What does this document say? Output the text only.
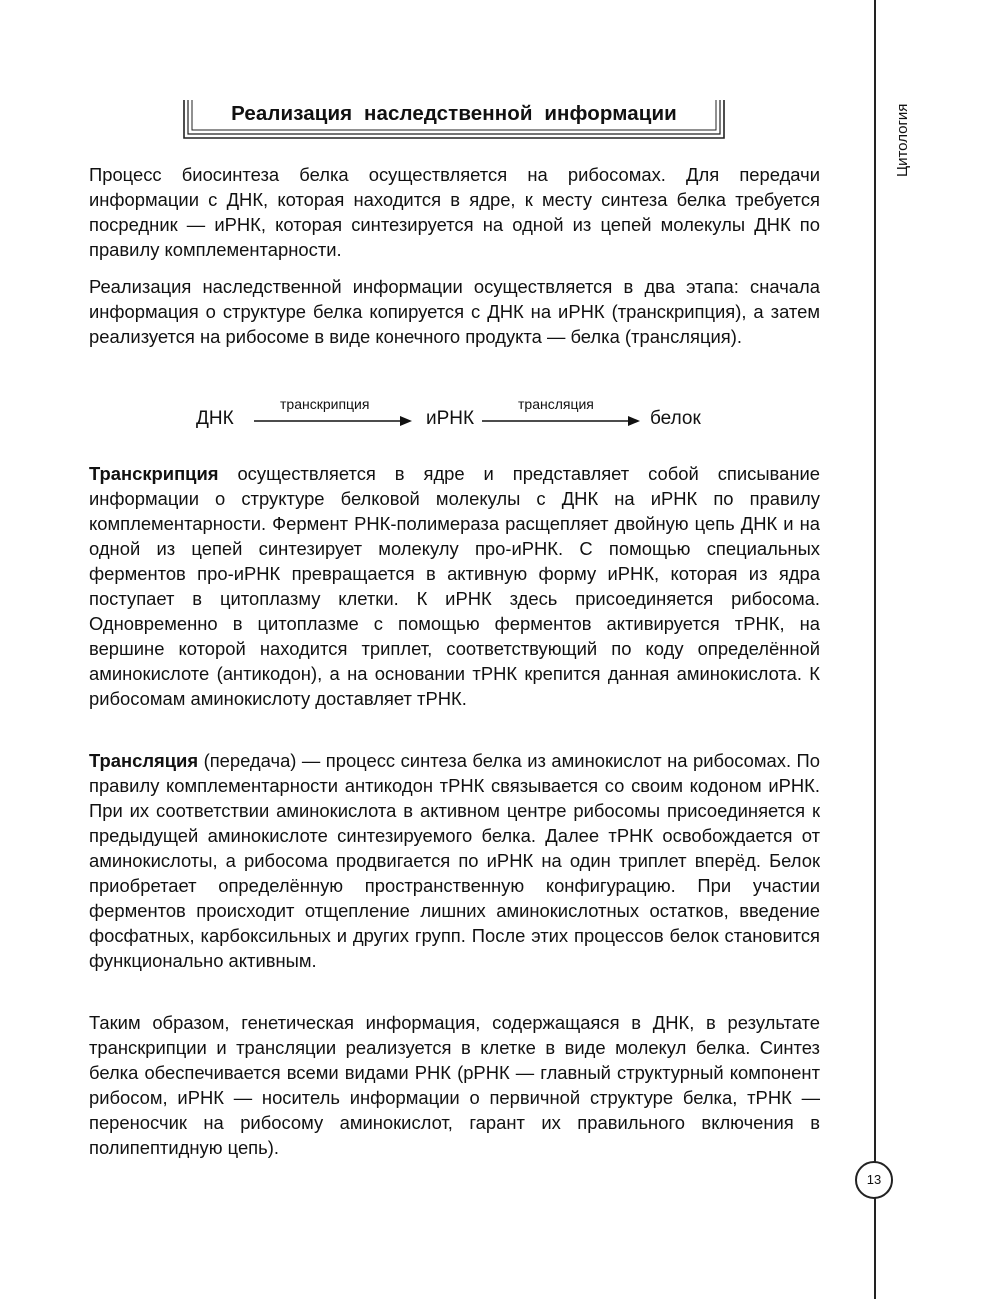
Цитология
13
Реализация наследственной информации

Процесс биосинтеза белка осуществляется на рибосомах. Для передачи информации с ДНК, которая находится в ядре, к месту синтеза белка требуется посредник — иРНК, которая синтезируется на одной из цепей молекулы ДНК по правилу комплементарности.

Реализация наследственной информации осуществляется в два этапа: сначала информация о структуре белка копируется с ДНК на иРНК (транскрипция), а затем реализуется на рибосоме в виде конечного продукта — белка (трансляция).

ДНК
транскрипция
иРНК
трансляция
белок

Транскрипция осуществляется в ядре и представляет собой списывание информации о структуре белковой молекулы с ДНК на иРНК по правилу комплементарности. Фермент РНК-полимераза расщепляет двойную цепь ДНК и на одной из цепей синтезирует молекулу про-иРНК. С помощью специальных ферментов про-иРНК превращается в активную форму иРНК, которая из ядра поступает в цитоплазму клетки. К иРНК здесь присоединяется рибосома. Одновременно в цитоплазме с помощью ферментов активируется тРНК, на вершине которой находится триплет, соответствующий по коду определённой аминокислоте (антикодон), а на основании тРНК крепится данная аминокислота. К рибосомам аминокислоту доставляет тРНК.

Трансляция (передача) — процесс синтеза белка из аминокислот на рибосомах. По правилу комплементарности антикодон тРНК связывается со своим кодоном иРНК. При их соответствии аминокислота в активном центре рибосомы присоединяется к предыдущей аминокислоте синтезируемого белка. Далее тРНК освобождается от аминокислоты, а рибосома продвигается по иРНК на один триплет вперёд. Белок приобретает определённую пространственную конфигурацию. При участии ферментов происходит отщепление лишних аминокислотных остатков, введение фосфатных, карбоксильных и других групп. После этих процессов белок становится функционально активным.

Таким образом, генетическая информация, содержащаяся в ДНК, в результате транскрипции и трансляции реализуется в клетке в виде молекул белка. Синтез белка обеспечивается всеми видами РНК (рРНК — главный структурный компонент рибосом, иРНК — носитель информации о первичной структуре белка, тРНК — переносчик на рибосому аминокислот, гарант их правильного включения в полипептидную цепь).
